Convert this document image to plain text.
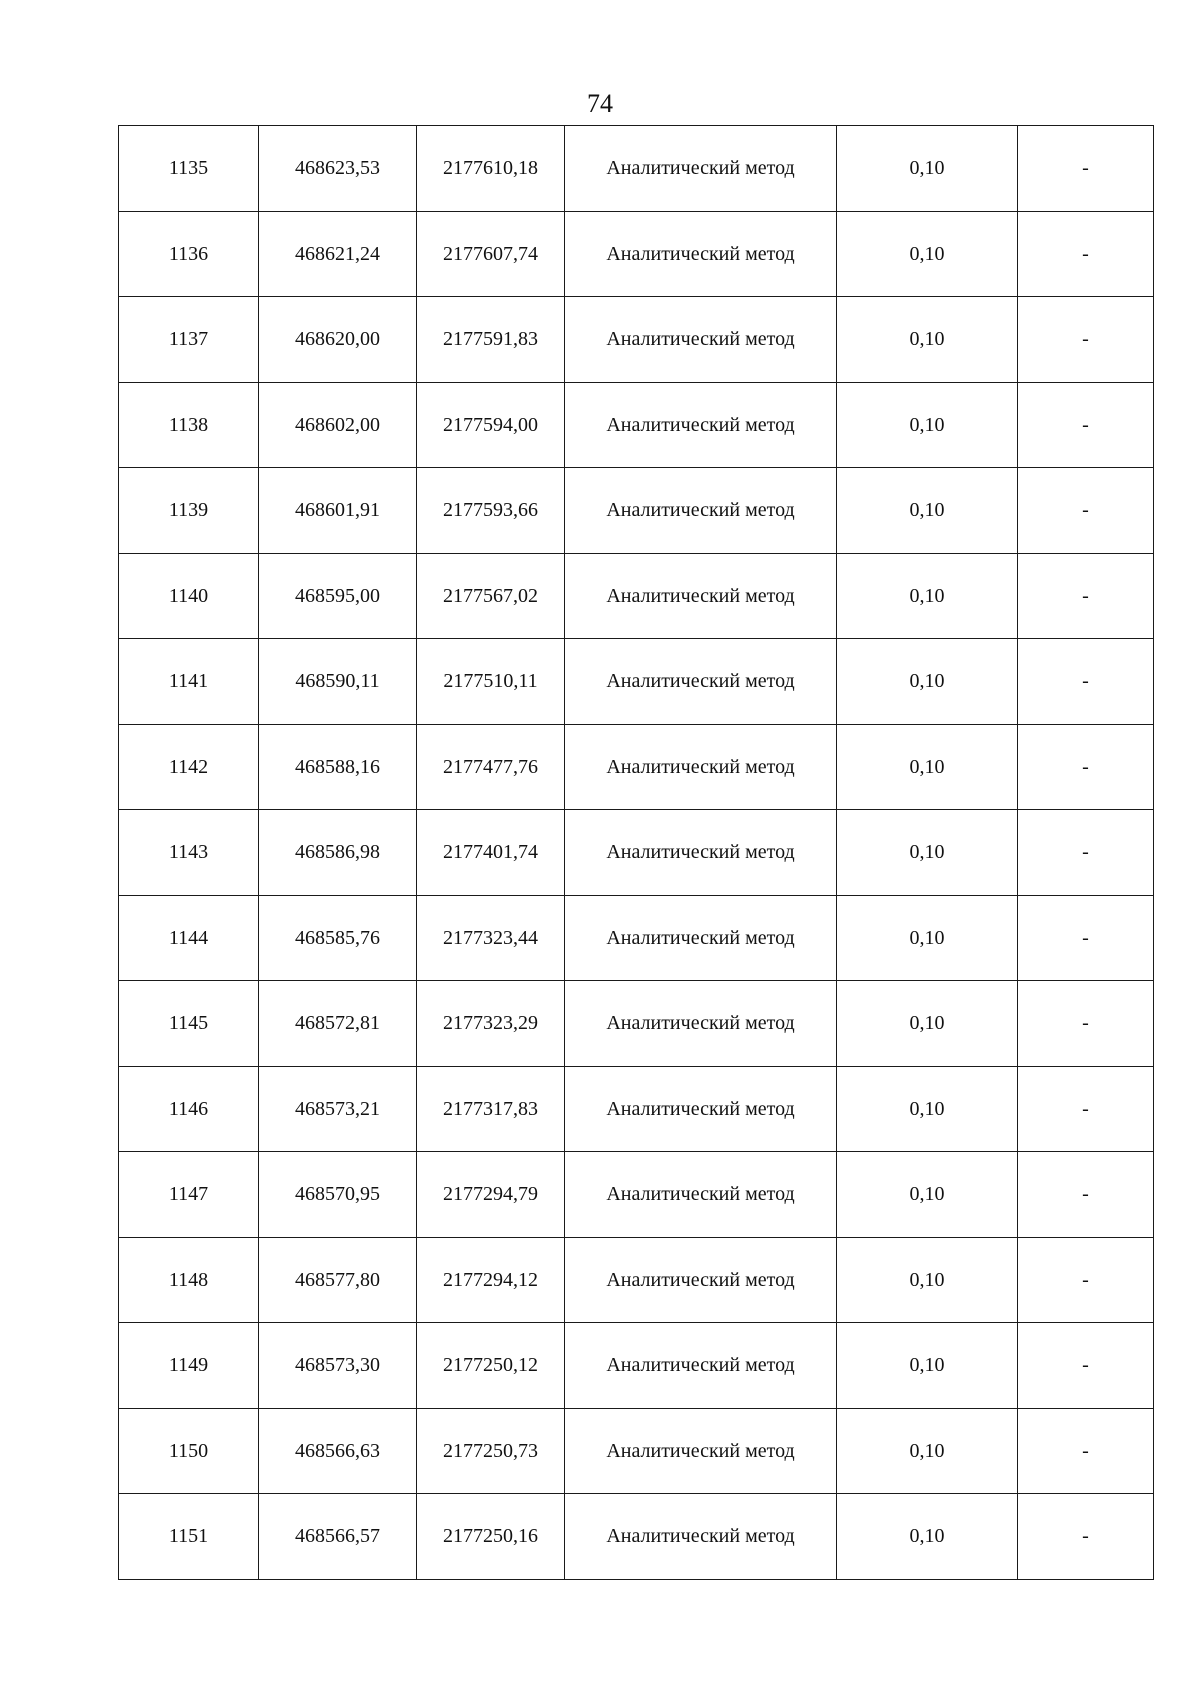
74
1135	468623,53	2177610,18	Аналитический метод	0,10	-
1136	468621,24	2177607,74	Аналитический метод	0,10	-
1137	468620,00	2177591,83	Аналитический метод	0,10	-
1138	468602,00	2177594,00	Аналитический метод	0,10	-
1139	468601,91	2177593,66	Аналитический метод	0,10	-
1140	468595,00	2177567,02	Аналитический метод	0,10	-
1141	468590,11	2177510,11	Аналитический метод	0,10	-
1142	468588,16	2177477,76	Аналитический метод	0,10	-
1143	468586,98	2177401,74	Аналитический метод	0,10	-
1144	468585,76	2177323,44	Аналитический метод	0,10	-
1145	468572,81	2177323,29	Аналитический метод	0,10	-
1146	468573,21	2177317,83	Аналитический метод	0,10	-
1147	468570,95	2177294,79	Аналитический метод	0,10	-
1148	468577,80	2177294,12	Аналитический метод	0,10	-
1149	468573,30	2177250,12	Аналитический метод	0,10	-
1150	468566,63	2177250,73	Аналитический метод	0,10	-
1151	468566,57	2177250,16	Аналитический метод	0,10	-
